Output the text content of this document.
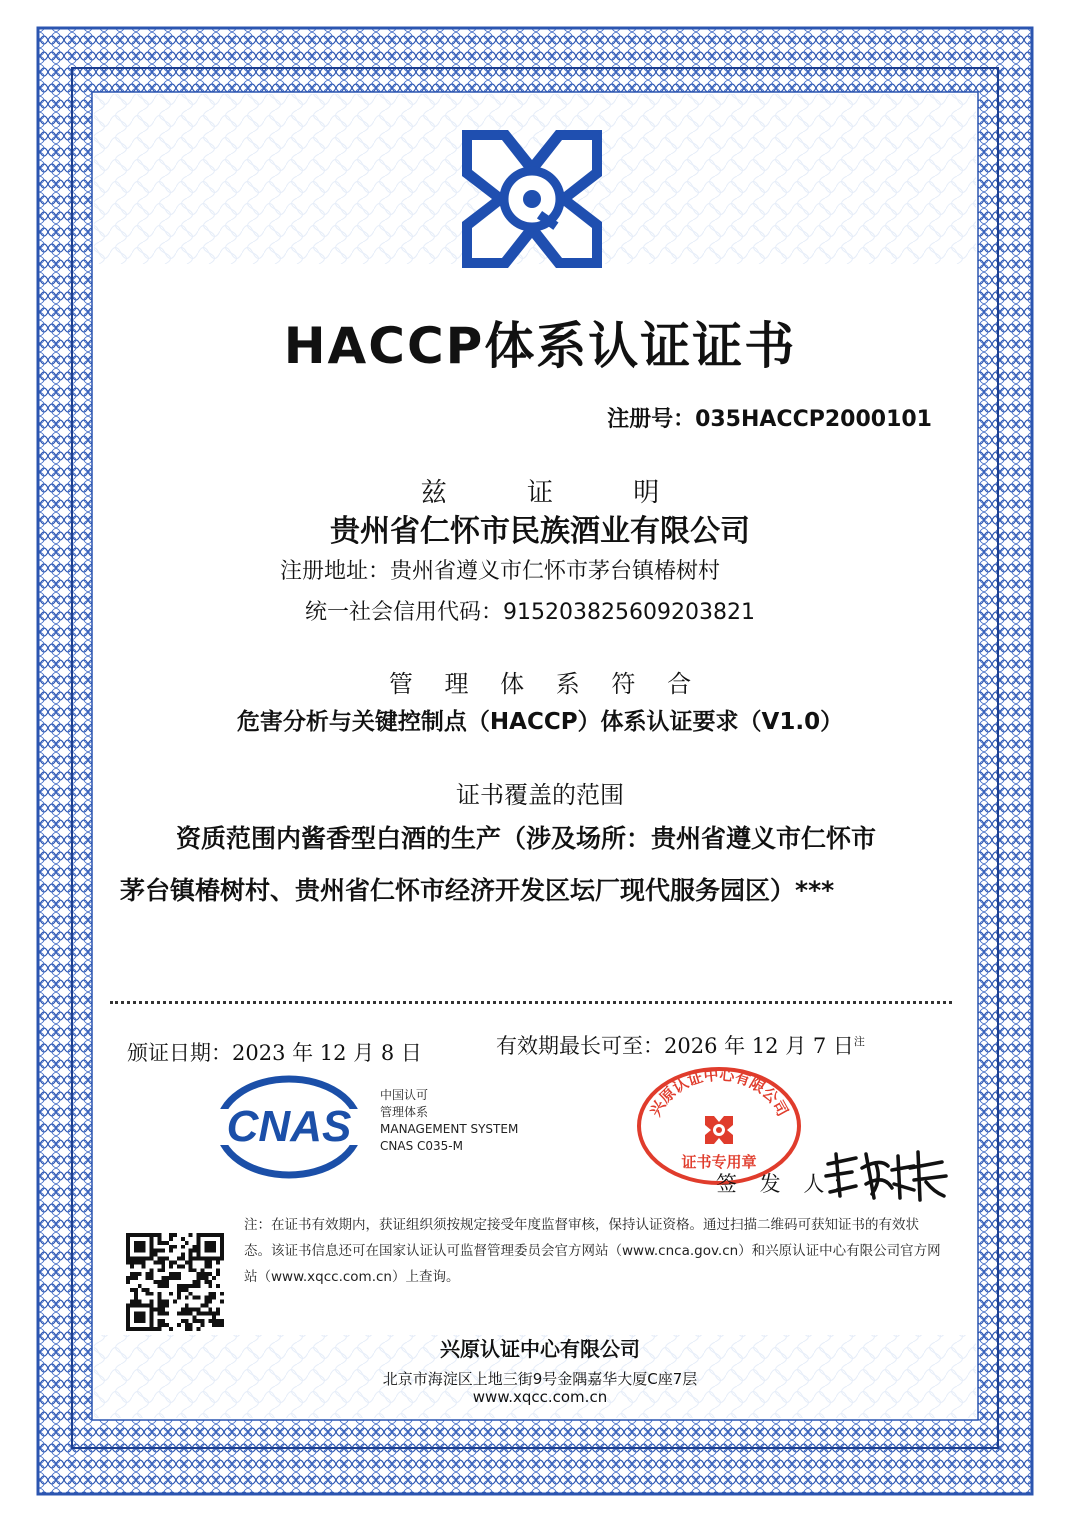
HACCP体系认证证书
注册号：035HACCP2000101
兹 证 明
贵州省仁怀市民族酒业有限公司
注册地址：贵州省遵义市仁怀市茅台镇椿树村
统一社会信用代码：915203825609203821
管 理 体 系 符 合
危害分析与关键控制点（HACCP）体系认证要求（V1.0）
证书覆盖的范围
资质范围内酱香型白酒的生产（涉及场所：贵州省遵义市仁怀市
茅台镇椿树村、贵州省仁怀市经济开发区坛厂现代服务园区）***
颁证日期：2023 年 12 月 8 日	有效期最长可至：2026 年 12 月 7 日$^注$
CNAS
中国认可
管理体系
MANAGEMENT SYSTEM
CNAS C035-M
兴原认证中心有限公司
证书专用章
签 发 人：
注：在证书有效期内，获证组织须按规定接受年度监督审核，保持认证资格。通过扫描二维码可获知证书的有效状态。该证书信息还可在国家认证认可监督管理委员会官方网站（www.cnca.gov.cn）和兴原认证中心有限公司官方网站（www.xqcc.com.cn）上查询。
兴原认证中心有限公司
北京市海淀区上地三街9号金隅嘉华大厦C座7层
www.xqcc.com.cn
